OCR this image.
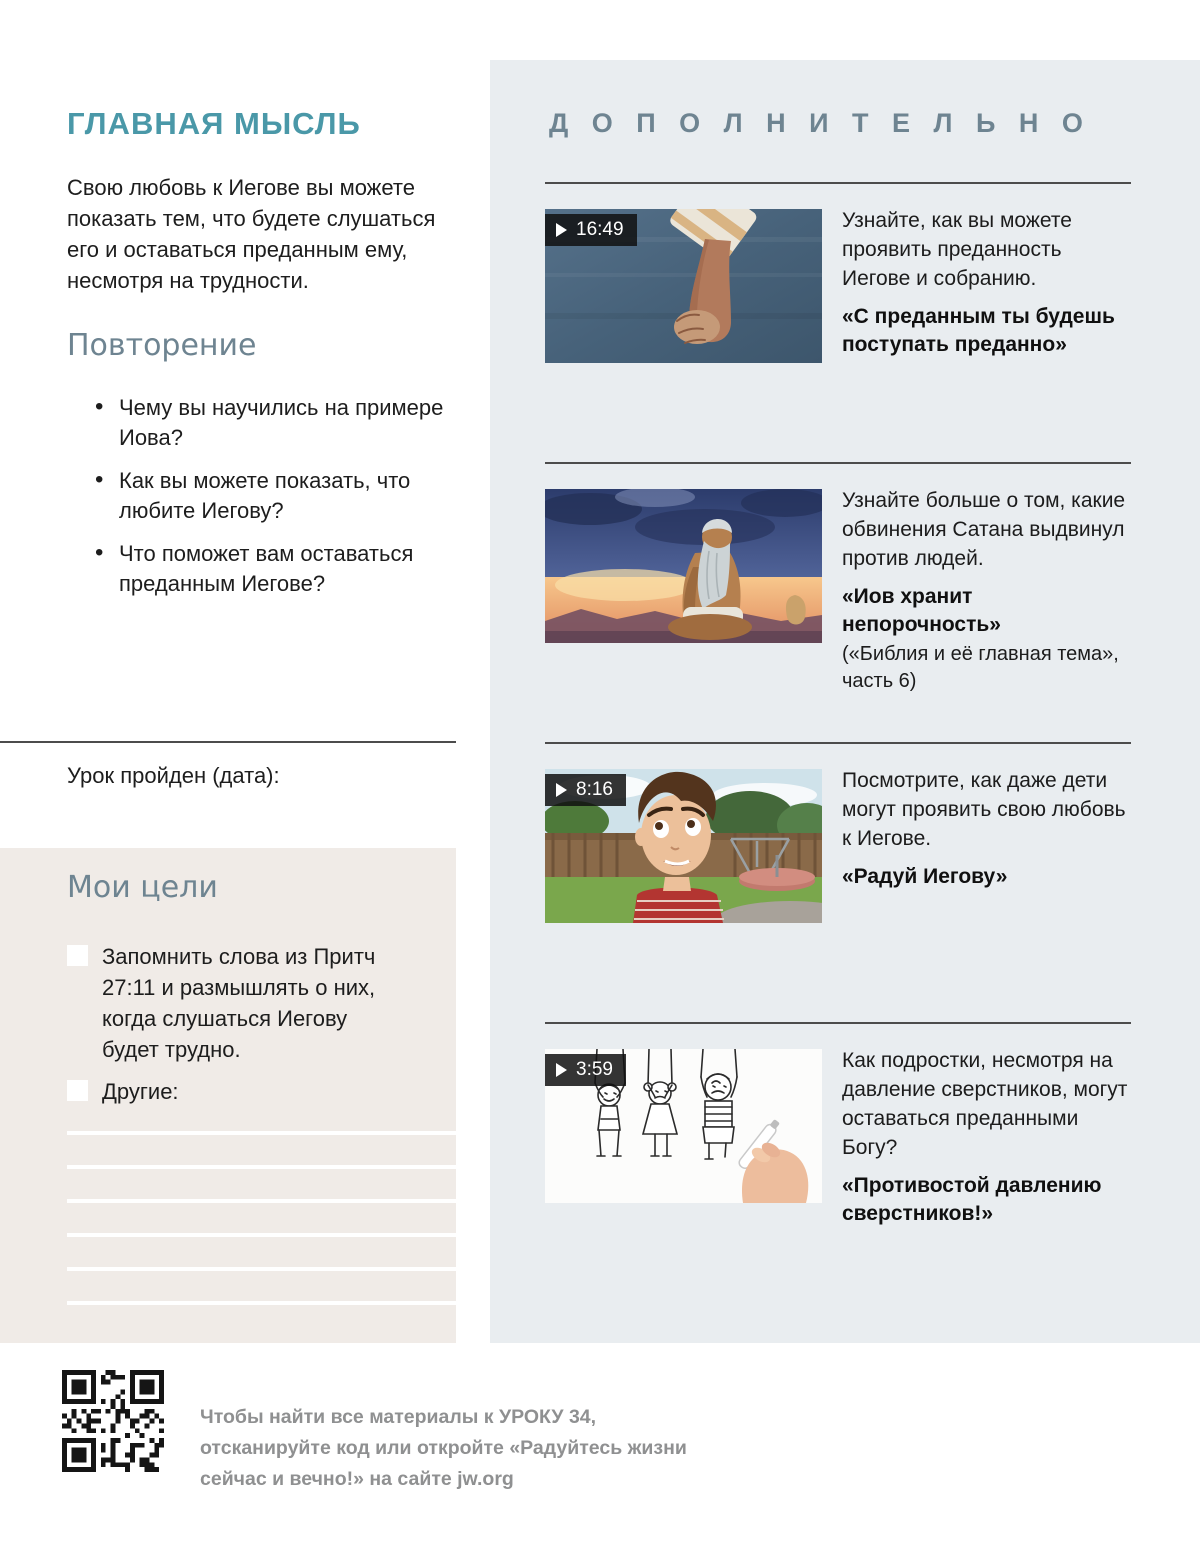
ГЛАВНАЯ МЫСЛЬ
Свою любовь к Иегове вы можете показать тем, что будете слушаться его и оставаться преданным ему, несмотря на трудности.
Повторение
• Чему вы научились на примере Иова?
• Как вы можете показать, что любите Иегову?
• Что поможет вам оставаться преданным Иегове?
Урок пройден (дата):
Мои цели
Запомнить слова из Притч 27:11 и размышлять о них, когда слушаться Иегову будет трудно.
Другие:
Д О П О Л Н И Т Е Л Ь Н О
16:49	Узнайте, как вы можете проявить преданность Иегове и собранию.
«С преданным ты будешь поступать преданно»
Узнайте больше о том, какие обвинения Сатана выдвинул против людей.
«Иов хранит непорочность»
(«Библия и её главная тема», часть 6)
8:16	Посмотрите, как даже дети могут проявить свою любовь к Иегове.
«Радуй Иегову»
3:59	Как подростки, несмотря на давление сверстников, могут оставаться преданными Богу?
«Противостой давлению сверстников!»
Чтобы найти все материалы к УРОКУ 34, отсканируйте код или откройте «Радуйтесь жизни сейчас и вечно!» на сайте jw.org
